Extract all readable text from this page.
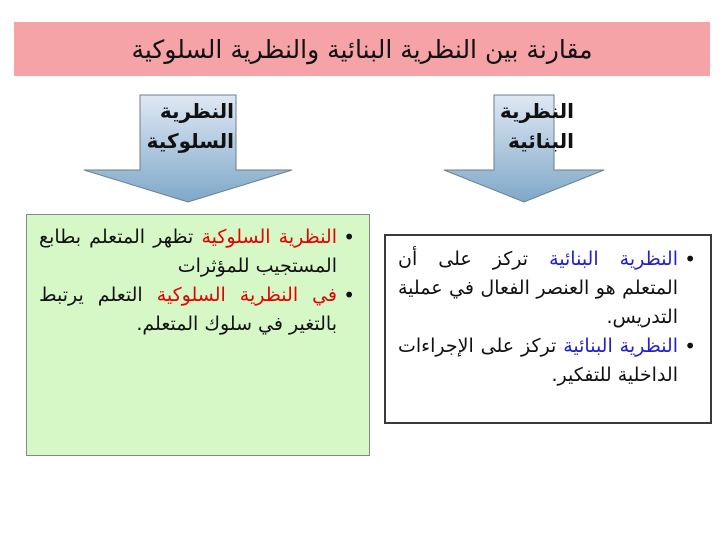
مقارنة بين النظرية البنائية والنظرية السلوكية
النظرية
البنائية
النظرية
السلوكية
• النظرية البنائية تركز على أن المتعلم هو العنصر الفعال في عملية التدريس.
• النظرية البنائية تركز على الإجراءات الداخلية للتفكير.
• النظرية السلوكية تظهر المتعلم بطابع المستجيب للمؤثرات
• في النظرية السلوكية التعلم يرتبط بالتغير في سلوك المتعلم.
